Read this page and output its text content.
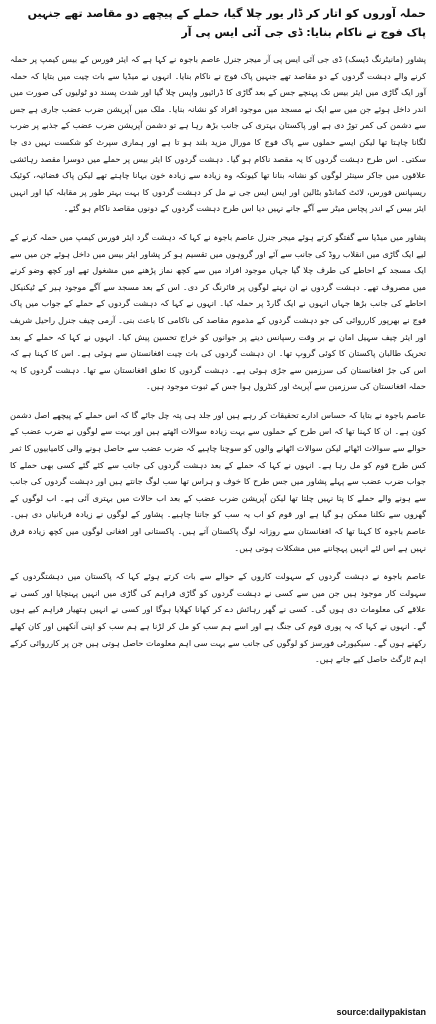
حملہ آوروں کو اتار کر ڈار یور چلا گیا، حملے کے پیچھے دو مقاصد تھے جنہیں پاک فوج نے ناکام بنایا: ڈی جی آئی ایس پی آر

پشاور (مانیٹرنگ ڈیسک) ڈی جی آئی ایس پی آر میجر جنرل عاصم باجوہ نے کہا ہے کہ ایئر فورس کے بیس کیمپ پر حملہ کرنے والے دہشت گردوں کے دو مقاصد تھے جنہیں پاک فوج نے ناکام بنایا۔ انہوں نے میڈیا سے بات چیت میں بتایا کہ حملہ آور ایک گاڑی میں ایئر بیس تک پہنچے جس کے بعد گاڑی کا ڈرائیور واپس چلا گیا اور شدت پسند دو ٹولیوں کی صورت میں اندر داخل ہوئے جن میں سے ایک نے مسجد میں موجود افراد کو نشانہ بنایا۔ ملک میں آپریشن ضرب عضب جاری ہے جس سے دشمن کی کمر توڑ دی ہے اور پاکستان بہتری کی جانب بڑھ رہا ہے تو دشمن آپریشن ضرب عضب کے جذبے پر ضرب لگانا چاہتا تھا لیکن ایسے حملوں سے پاک فوج کا مورال مزید بلند ہو تا ہے اور ہماری سپرٹ کو شکست نہیں دی جا سکتی۔ اس طرح دہشت گردوں کا یہ مقصد ناکام ہو گیا۔ دہشت گردوں کا ایئر بیس پر حملے میں دوسرا مقصد رہائشی علاقوں میں جاکر سینئر لوگوں کو نشانہ بنانا تھا کیونکہ وہ زیادہ سے زیادہ خون بہانا چاہتے تھے لیکن پاک فضائیہ، کوئیک ریسپانس فورس، لائٹ کمانڈو بٹالین اور ایس ایس جی نے مل کر دہشت گردوں کا بہت بہتر طور پر مقابلہ کیا اور انہیں ایئر بیس کے اندر پچاس میٹر سے آگے جانے نہیں دیا اس طرح دہشت گردوں کے دونوں مقاصد ناکام ہو گئے۔

پشاور میں میڈیا سے گفتگو کرتے ہوئے میجر جنرل عاصم باجوہ نے کہا کہ دہشت گرد ایئر فورس کیمپ میں حملہ کرنے کے لیے ایک گاڑی میں انقلاب روڈ کی جانب سے آئے اور گروہوں میں تقسیم ہو کر پشاور ایئر بیس میں داخل ہوئے جن میں سے ایک مسجد کے احاطے کی طرف چلا گیا جہاں موجود افراد میں سے کچھ نماز پڑھنے میں مشغول تھے اور کچھ وضو کرنے میں مصروف تھے۔ دہشت گردوں نے ان نہتے لوگوں پر فائرنگ کر دی۔ اس کے بعد مسجد سے آگے موجود ہیر کے ٹیکنیکل احاطے کی جانب بڑھا جہاں انہوں نے ایک گارڈ پر حملہ کیا۔ انہوں نے کہا کہ دہشت گردوں کے حملے کے جواب میں پاک فوج نے بھرپور کارروائی کی جو دہشت گردوں کے مذموم مقاصد کی ناکامی کا باعث بنی۔ آرمی چیف جنرل راحیل شریف اور ایئر چیف سہیل امان نے بر وقت رسپانس دینے پر جوانوں کو خراج تحسین پیش کیا۔ انہوں نے کہا کہ حملے کے بعد تحریک طالبان پاکستان کا کوئی گروپ تھا۔ ان دہشت گردوں کی بات چیت افغانستان سے ہوئی ہے۔ اس کا کہنا ہے کہ اس کی جڑ افغانستان کی سرزمین سے جڑی ہوئی ہے۔ دہشت گردوں کا تعلق افغانستان سے تھا۔ دہشت گردوں کا یہ حملہ افغانستان کی سرزمین سے آپریٹ اور کنٹرول ہوا جس کے ثبوت موجود ہیں۔

عاصم باجوہ نے بتایا کہ حساس ادارے تحقیقات کر رہے ہیں اور جلد ہی پتہ چل جائے گا کہ اس حملے کے پیچھے اصل دشمن کون ہے۔ ان کا کہنا تھا کہ اس طرح کے حملوں سے بہت زیادہ سوالات اٹھتے ہیں اور بہت سے لوگوں نے ضرب عضب کے حوالے سے سوالات اٹھائے لیکن سوالات اٹھانے والوں کو سوچنا چاہیے کہ ضرب عضب سے حاصل ہونے والی کامیابیوں کا ثمر کس طرح قوم کو مل رہا ہے۔ انہوں نے کہا کہ حملے کے بعد دہشت گردوں کی جانب سے کئے گئے کسی بھی حملے کا جواب ضرب عضب سے پہلے پشاور میں جس طرح کا خوف و ہراس تھا سب لوگ جانتے ہیں اور دہشت گردوں کی جانب سے ہونے والے حملے کا پتا نہیں چلتا تھا لیکن آپریشن ضرب عضب کے بعد اب حالات میں بہتری آئی ہے۔ اب لوگوں کے گھروں سے نکلنا ممکن ہو گیا ہے اور قوم کو اب یہ سب کو جاننا چاہیے۔ پشاور کے لوگوں نے زیادہ قربانیاں دی ہیں۔ عاصم باجوہ کا کہنا تھا کہ افغانستان سے روزانہ لوگ پاکستان آتے ہیں۔ پاکستانی اور افغانی لوگوں میں کچھ زیادہ فرق نہیں ہے اس لئے انہیں پہچاننے میں مشکلات ہوتی ہیں۔

عاصم باجوہ نے دہشت گردوں کے سہولت کاروں کے حوالے سے بات کرتے ہوئے کہا کہ پاکستان میں دہشتگردوں کے سہولت کار موجود ہیں جن میں سے کسی نے دہشت گردوں کو گاڑی فراہم کی گاڑی میں انہیں پہنچایا اور کسی نے علاقے کی معلومات دی ہوں گی۔ کسی نے گھر رہائش دے کر کھانا کھلایا ہوگا اور کسی نے انہیں ہتھیار فراہم کیے ہوں گے۔ انہوں نے کہا کہ یہ پوری قوم کی جنگ ہے اور اسے ہم سب کو مل کر لڑنا ہے ہم سب کو اپنی آنکھیں اور کان کھلے رکھنے ہوں گے۔ سیکیورٹی فورسز کو لوگوں کی جانب سے بہت سی اہم معلومات حاصل ہوتی ہیں جن پر کارروائی کرکے اہم ٹارگٹ حاصل کیے جاتے ہیں۔

source:dailypakistan
